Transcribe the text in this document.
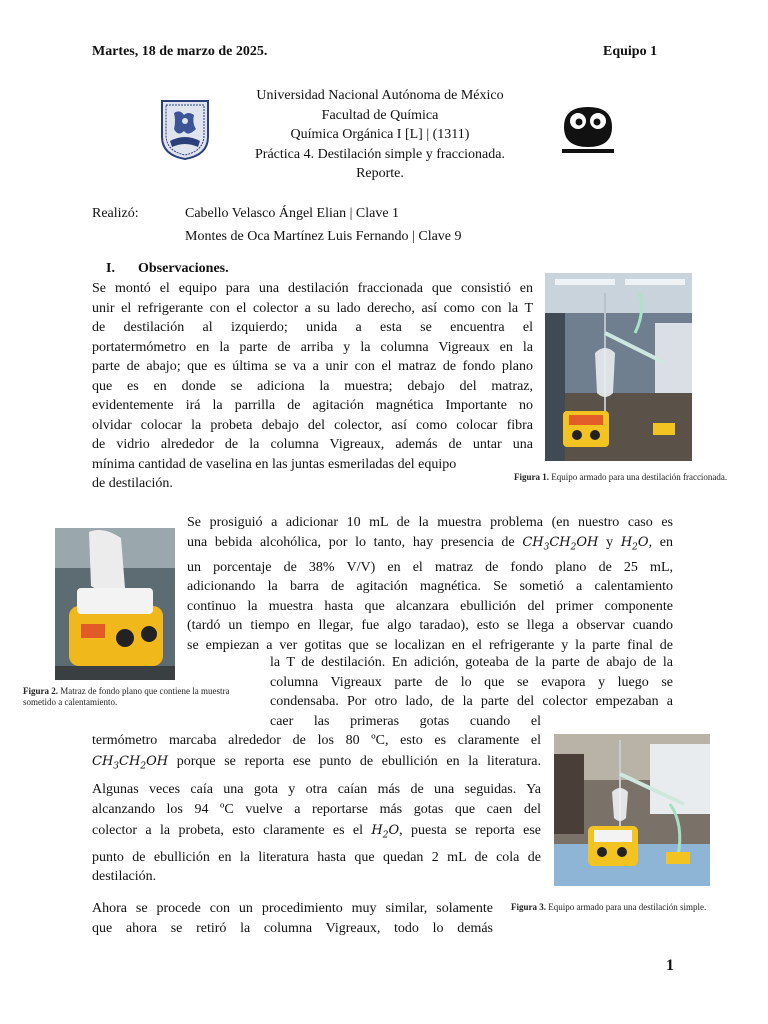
Martes, 18 de marzo de 2025.	Equipo 1
Universidad Nacional Autónoma de México
Facultad de Química
Química Orgánica I [L] | (1311)
Práctica 4. Destilación simple y fraccionada.
Reporte.
Realizó:	Cabello Velasco Ángel Elian | Clave 1
Montes de Oca Martínez Luis Fernando | Clave 9
I. Observaciones.
Se montó el equipo para una destilación fraccionada que consistió en
unir el refrigerante con el colector a su lado derecho, así como con la T
de destilación al izquierdo; unida a esta se encuentra el
portatermómetro en la parte de arriba y la columna Vigreaux en la
parte de abajo; que es última se va a unir con el matraz de fondo plano
que es en donde se adiciona la muestra; debajo del matraz,
evidentemente irá la parrilla de agitación magnética Importante no
olvidar colocar la probeta debajo del colector, así como colocar fibra
de vidrio alrededor de la columna Vigreaux, además de untar una
mínima cantidad de vaselina en las juntas esmeriladas del equipo
de destilación.	Figura 1. Equipo armado para una destilación fraccionada.
Figura 2. Matraz de fondo plano que contiene la muestra sometido a calentamiento.
Se prosiguió a adicionar 10 mL de la muestra problema (en nuestro caso es
una bebida alcohólica, por lo tanto, hay presencia de $CH_3CH_2OH$ y $H_2O$, en
un porcentaje de 38% V/V) en el matraz de fondo plano de 25 mL,
adicionando la barra de agitación magnética. Se sometió a calentamiento
continuo la muestra hasta que alcanzara ebullición del primer componente
(tardó un tiempo en llegar, fue algo taradao), esto se llega a observar cuando
se empiezan a ver gotitas que se localizan en el refrigerante y la parte final de
la T de destilación. En adición, goteaba de la parte de abajo de la
columna Vigreaux parte de lo que se evapora y luego se
condensaba. Por otro lado, de la parte del colector empezaban a
caer las primeras gotas cuando el
termómetro marcaba alrededor de los 80 ºC, esto es claramente el
$CH_3CH_2OH$ porque se reporta ese punto de ebullición en la literatura.
Algunas veces caía una gota y otra caían más de una seguidas. Ya
alcanzando los 94 ºC vuelve a reportarse más gotas que caen del
colector a la probeta, esto claramente es el $H_2O$, puesta se reporta ese
punto de ebullición en la literatura hasta que quedan 2 mL de cola de
destilación.
Figura 3. Equipo armado para una destilación simple.
Ahora se procede con un procedimiento muy similar, solamente
que ahora se retiró la columna Vigreaux, todo lo demás
1
